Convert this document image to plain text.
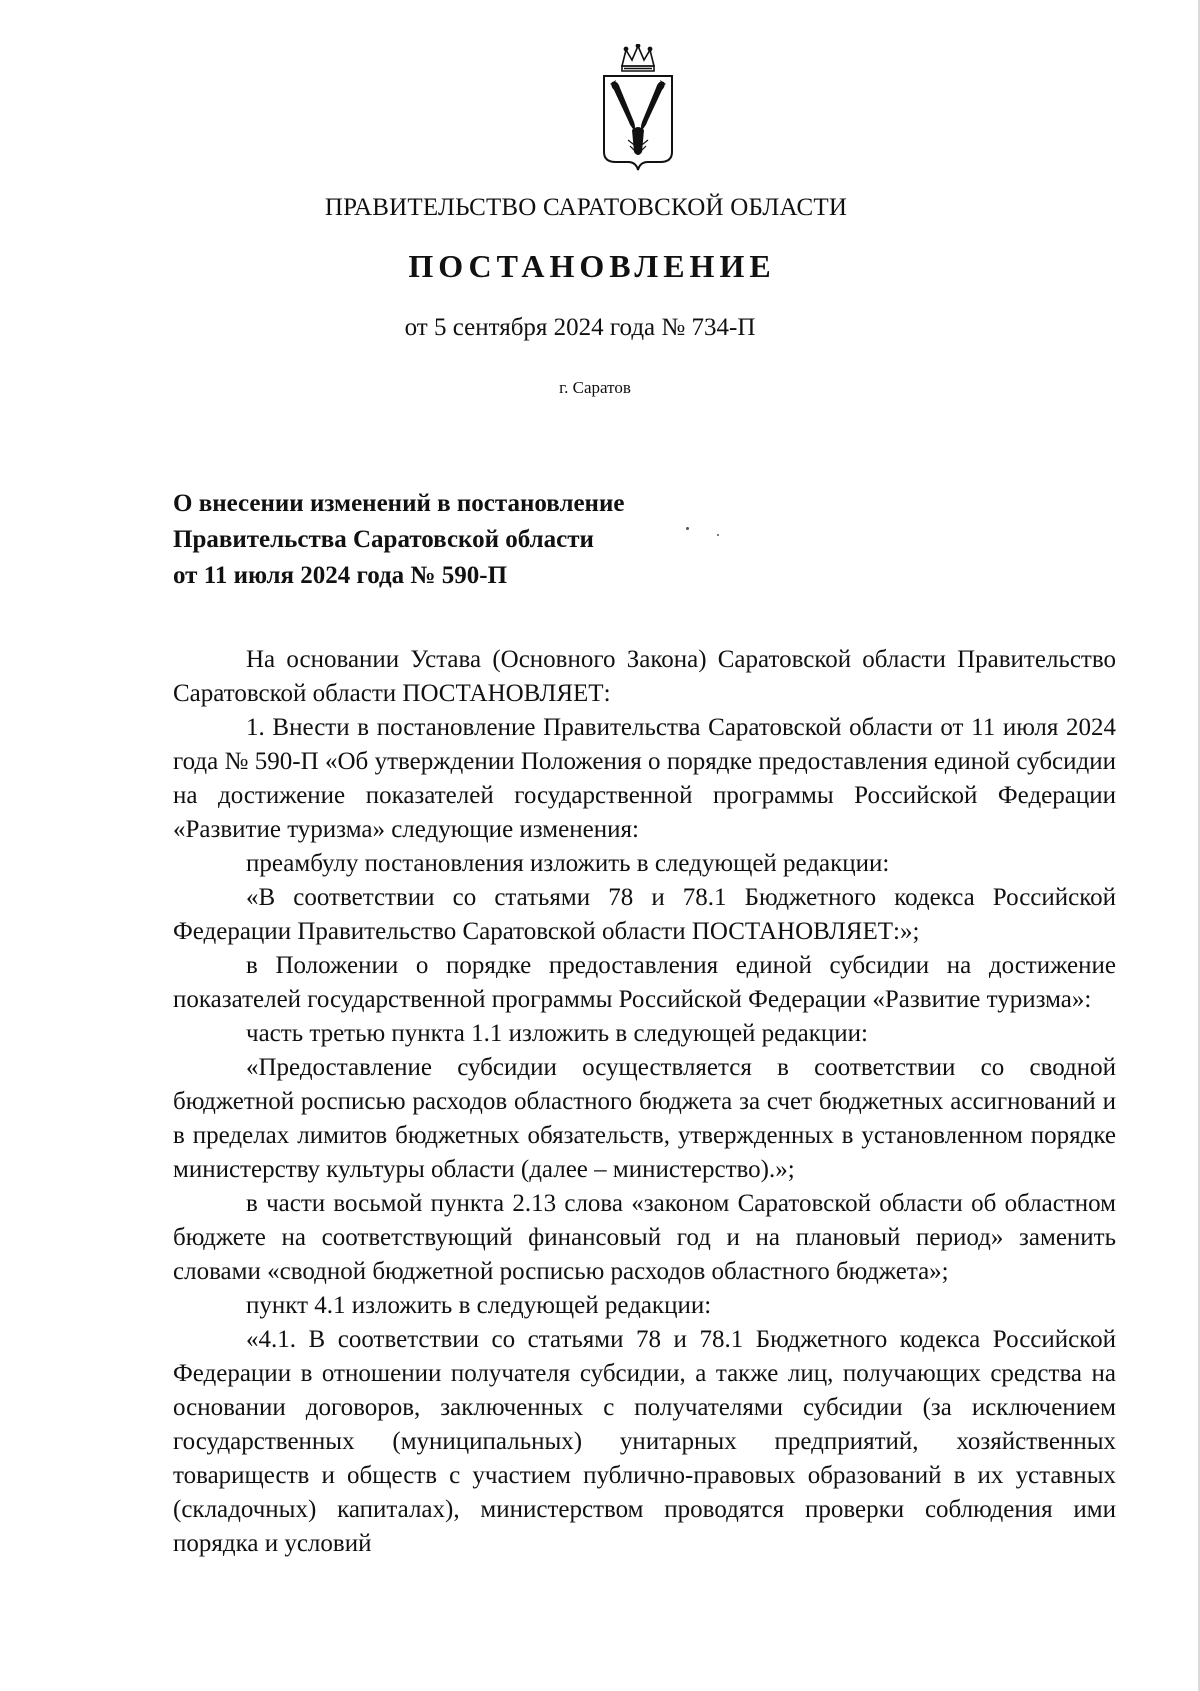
ПРАВИТЕЛЬСТВО САРАТОВСКОЙ ОБЛАСТИ
ПОСТАНОВЛЕНИЕ
от 5 сентября 2024 года № 734-П
г. Саратов
О внесении изменений в постановление
Правительства Саратовской области
от 11 июля 2024 года № 590-П

На основании Устава (Основного Закона) Саратовской области Правительство Саратовской области ПОСТАНОВЛЯЕТ:

1. Внести в постановление Правительства Саратовской области от 11 июля 2024 года № 590-П «Об утверждении Положения о порядке предоставления единой субсидии на достижение показателей государственной программы Российской Федерации «Развитие туризма» следующие изменения:

преамбулу постановления изложить в следующей редакции:

«В соответствии со статьями 78 и 78.1 Бюджетного кодекса Российской Федерации Правительство Саратовской области ПОСТАНОВЛЯЕТ:»;

в Положении о порядке предоставления единой субсидии на достижение показателей государственной программы Российской Федерации «Развитие туризма»:

часть третью пункта 1.1 изложить в следующей редакции:

«Предоставление субсидии осуществляется в соответствии со сводной бюджетной росписью расходов областного бюджета за счет бюджетных ассигнований и в пределах лимитов бюджетных обязательств, утвержденных в установленном порядке министерству культуры области (далее – министерство).»;

в части восьмой пункта 2.13 слова «законом Саратовской области об областном бюджете на соответствующий финансовый год и на плановый период» заменить словами «сводной бюджетной росписью расходов областного бюджета»;

пункт 4.1 изложить в следующей редакции:

«4.1. В соответствии со статьями 78 и 78.1 Бюджетного кодекса Российской Федерации в отношении получателя субсидии, а также лиц, получающих средства на основании договоров, заключенных с получателями субсидии (за исключением государственных (муниципальных) унитарных предприятий, хозяйственных товариществ и обществ с участием публично-правовых образований в их уставных (складочных) капиталах), министерством проводятся проверки соблюдения ими порядка и условий
